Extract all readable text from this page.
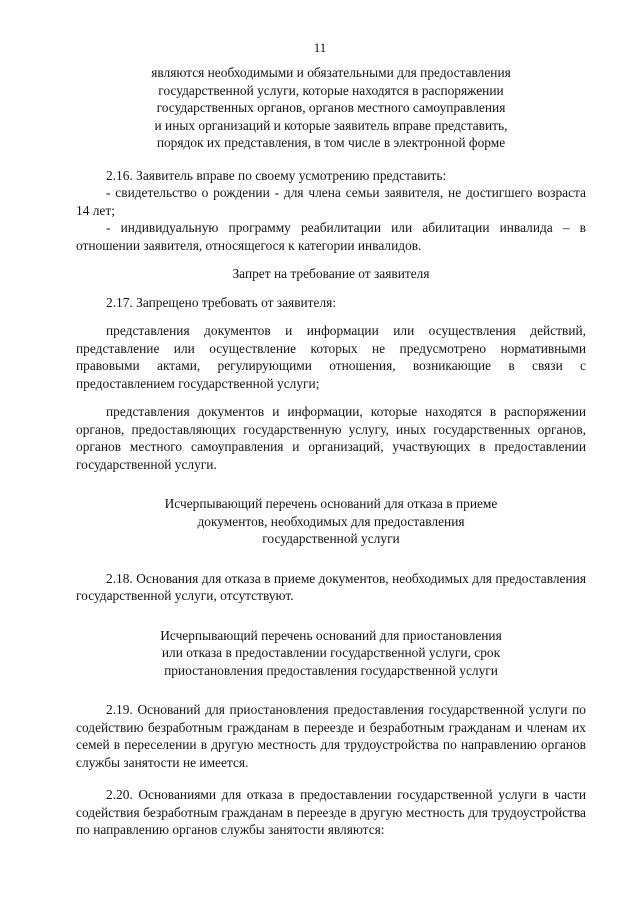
11
являются необходимыми и обязательными для предоставления
государственной услуги, которые находятся в распоряжении
государственных органов, органов местного самоуправления
и иных организаций и которые заявитель вправе представить,
порядок их представления, в том числе в электронной форме

2.16. Заявитель вправе по своему усмотрению представить:

- свидетельство о рождении - для члена семьи заявителя, не достигшего возраста 14 лет;

- индивидуальную программу реабилитации или абилитации инвалида – в отношении заявителя, относящегося к категории инвалидов.

Запрет на требование от заявителя

2.17. Запрещено требовать от заявителя:

представления документов и информации или осуществления действий, представление или осуществление которых не предусмотрено нормативными правовыми актами, регулирующими отношения, возникающие в связи с предоставлением государственной услуги;

представления документов и информации, которые находятся в распоряжении органов, предоставляющих государственную услугу, иных государственных органов, органов местного самоуправления и организаций, участвующих в предоставлении государственной услуги.

Исчерпывающий перечень оснований для отказа в приеме
документов, необходимых для предоставления
государственной услуги

2.18. Основания для отказа в приеме документов, необходимых для предоставления государственной услуги, отсутствуют.

Исчерпывающий перечень оснований для приостановления
или отказа в предоставлении государственной услуги, срок
приостановления предоставления государственной услуги

2.19. Оснований для приостановления предоставления государственной услуги по содействию безработным гражданам в переезде и безработным гражданам и членам их семей в переселении в другую местность для трудоустройства по направлению органов службы занятости не имеется.

2.20. Основаниями для отказа в предоставлении государственной услуги в части содействия безработным гражданам в переезде в другую местность для трудоустройства по направлению органов службы занятости являются:
